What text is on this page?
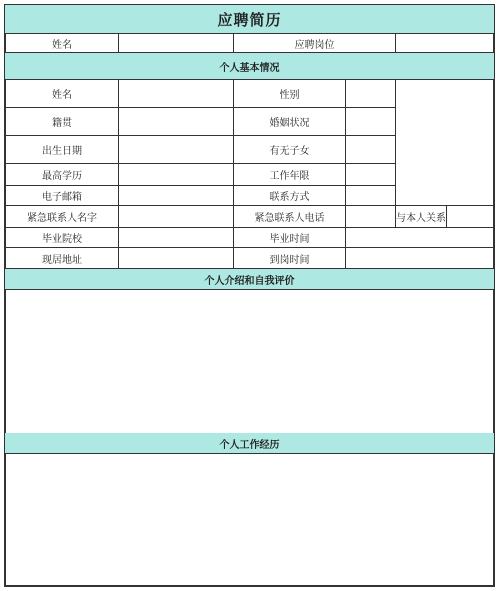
应聘简历
姓名	应聘岗位
个人基本情况
姓名	性别
籍贯	婚姻状况
出生日期	有无子女
最高学历	工作年限
电子邮箱	联系方式
紧急联系人名字	紧急联系人电话	与本人关系
毕业院校	毕业时间
现居地址	到岗时间
个人介绍和自我评价
个人工作经历
